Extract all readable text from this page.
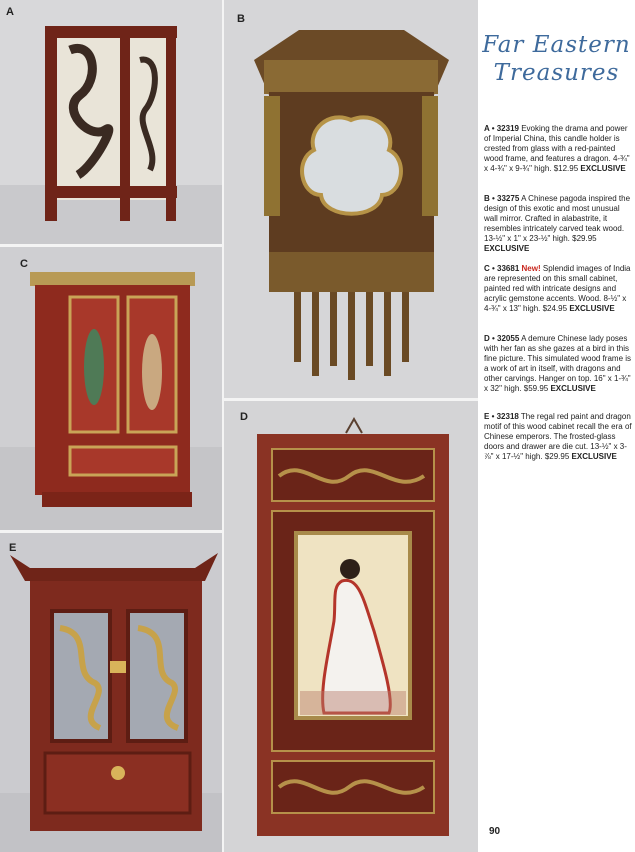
A
B
C
E
D
Far Eastern
Treasures
A • 32319 Evoking the drama and power of Imperial China, this candle holder is crested from glass with a red-painted wood frame, and features a dragon. 4-¾" x 4-¾" x 9-¾" high. $12.95 EXCLUSIVE
B • 33275 A Chinese pagoda inspired the design of this exotic and most unusual wall mirror. Crafted in alabastrite, it resembles intricately carved teak wood. 13-½" x 1" x 23-½" high. $29.95 EXCLUSIVE
C • 33681 New! Splendid images of India are represented on this small cabinet, painted red with intricate designs and acrylic gemstone accents. Wood. 8-½" x 4-¾" x 13" high. $24.95 EXCLUSIVE
D • 32055 A demure Chinese lady poses with her fan as she gazes at a bird in this fine picture. This simulated wood frame is a work of art in itself, with dragons and other carvings. Hanger on top. 16" x 1-¾" x 32" high. $59.95 EXCLUSIVE
E • 32318 The regal red paint and dragon motif of this wood cabinet recall the era of Chinese emperors. The frosted-glass doors and drawer are die cut. 13-½" x 3-⅞" x 17-½" high. $29.95 EXCLUSIVE
90
